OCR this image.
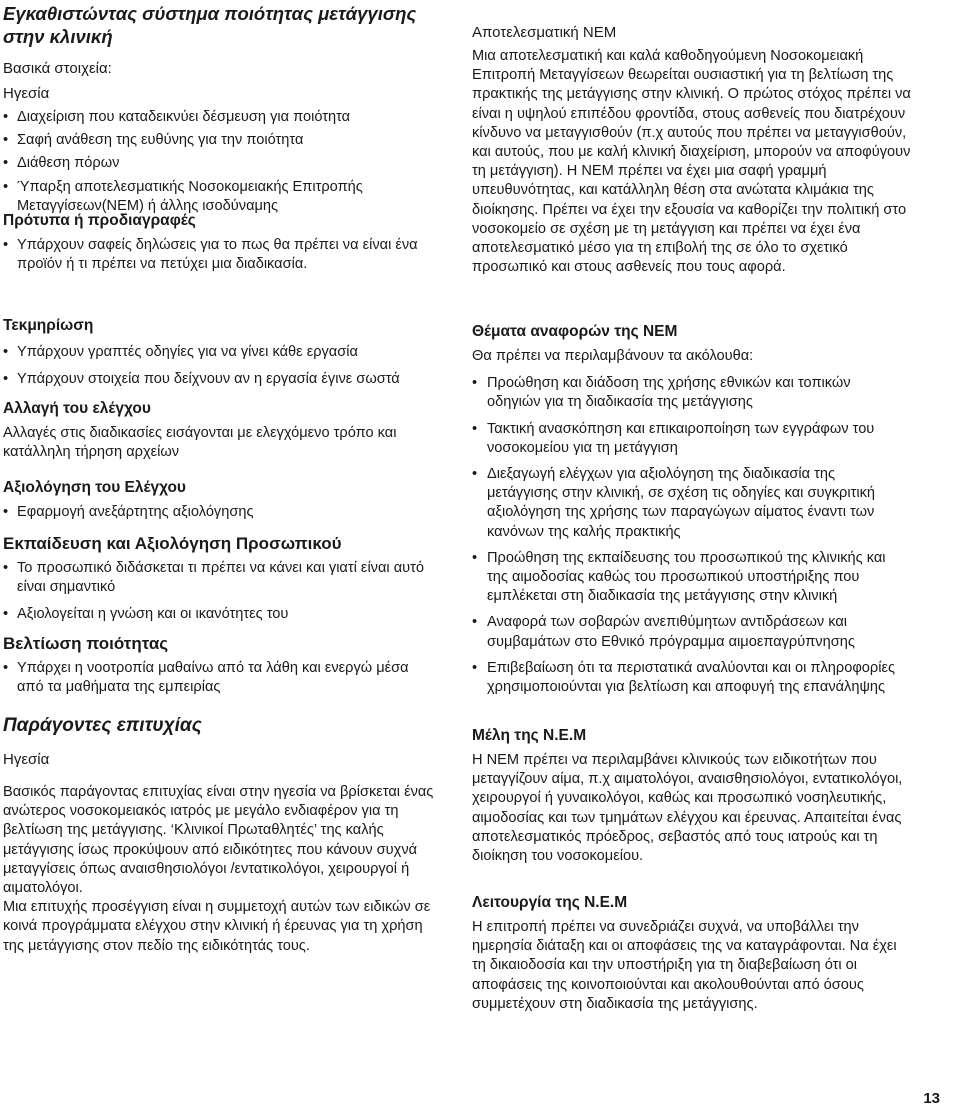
Εγκαθιστώντας σύστημα ποιότητας μετάγγισης στην κλινική

Βασικά στοιχεία:

Ηγεσία

• Διαχείριση που καταδεικνύει δέσμευση για ποιότητα
• Σαφή ανάθεση της ευθύνης για την ποιότητα
• Διάθεση πόρων
• Ύπαρξη αποτελεσματικής Νοσοκομειακής Επιτροπής Μεταγγίσεων(ΝΕΜ) ή άλλης ισοδύναμης

Πρότυπα ή προδιαγραφές

• Υπάρχουν σαφείς δηλώσεις για το πως θα πρέπει να είναι ένα προϊόν ή τι πρέπει να πετύχει μια διαδικασία.

Τεκμηρίωση

• Υπάρχουν γραπτές οδηγίες για να γίνει κάθε εργασία
• Υπάρχουν στοιχεία που δείχνουν αν η εργασία έγινε σωστά

Αλλαγή του ελέγχου

Αλλαγές στις διαδικασίες εισάγονται με ελεγχόμενο τρόπο και κατάλληλη τήρηση αρχείων

Αξιολόγηση του Ελέγχου

• Εφαρμογή ανεξάρτητης αξιολόγησης

Εκπαίδευση και Αξιολόγηση Προσωπικού

• Το προσωπικό διδάσκεται τι πρέπει να κάνει και γιατί είναι αυτό είναι σημαντικό
• Αξιολογείται η γνώση και οι ικανότητες του

Βελτίωση ποιότητας

• Υπάρχει η νοοτροπία μαθαίνω από τα λάθη και ενεργώ μέσα από τα μαθήματα της εμπειρίας

Παράγοντες επιτυχίας

Ηγεσία

Βασικός παράγοντας επιτυχίας είναι στην ηγεσία να βρίσκεται ένας ανώτερος νοσοκομειακός ιατρός με μεγάλο ενδιαφέρον για τη βελτίωση της μετάγγισης. ‘Κλινικοί Πρωταθλητές’ της καλής μετάγγισης ίσως προκύψουν από ειδικότητες που κάνουν συχνά μεταγγίσεις όπως αναισθησιολόγοι /εντατικολόγοι, χειρουργοί ή αιματολόγοι.

Μια επιτυχής προσέγγιση είναι η συμμετοχή αυτών των ειδικών σε κοινά προγράμματα ελέγχου στην κλινική ή έρευνας για τη χρήση της μετάγγισης στον πεδίο της ειδικότητάς τους.

Αποτελεσματική ΝΕΜ

Μια αποτελεσματική και καλά καθοδηγούμενη Νοσοκομειακή Επιτροπή Μεταγγίσεων θεωρείται ουσιαστική για τη βελτίωση της πρακτικής της μετάγγισης στην κλινική. Ο πρώτος στόχος πρέπει να είναι η υψηλού επιπέδου φροντίδα, στους ασθενείς που διατρέχουν κίνδυνο να μεταγγισθούν (π.χ αυτούς που πρέπει να μεταγγισθούν, και αυτούς, που με καλή κλινική διαχείριση, μπορούν να αποφύγουν τη μετάγγιση). Η ΝΕΜ πρέπει να έχει μια σαφή γραμμή υπευθυνότητας, και κατάλληλη θέση στα ανώτατα κλιμάκια της διοίκησης. Πρέπει να έχει την εξουσία να καθορίζει την πολιτική στο νοσοκομείο σε σχέση με τη μετάγγιση και πρέπει να έχει ένα αποτελεσματικό μέσο για τη επιβολή της σε όλο το σχετικό προσωπικό και στους ασθενείς που τους αφορά.

Θέματα αναφορών της ΝΕΜ

Θα πρέπει να περιλαμβάνουν τα ακόλουθα:

• Προώθηση και διάδοση της χρήσης εθνικών και τοπικών οδηγιών για τη διαδικασία της μετάγγισης
• Τακτική ανασκόπηση και επικαιροποίηση των εγγράφων του νοσοκομείου για τη μετάγγιση
• Διεξαγωγή ελέγχων για αξιολόγηση της διαδικασία της μετάγγισης στην κλινική, σε σχέση τις οδηγίες και συγκριτική αξιολόγηση της χρήσης των παραγώγων αίματος έναντι των κανόνων της καλής πρακτικής
• Προώθηση της εκπαίδευσης του προσωπικού της κλινικής και της αιμοδοσίας καθώς του προσωπικού υποστήριξης που εμπλέκεται στη διαδικασία της μετάγγισης στην κλινική
• Αναφορά των σοβαρών ανεπιθύμητων αντιδράσεων και συμβαμάτων στο Εθνικό πρόγραμμα αιμοεπαγρύπνησης
• Επιβεβαίωση ότι τα περιστατικά αναλύονται και οι πληροφορίες χρησιμοποιούνται για βελτίωση και αποφυγή της επανάληψης

Μέλη της Ν.Ε.Μ

Η ΝΕΜ πρέπει να περιλαμβάνει κλινικούς των ειδικοτήτων που μεταγγίζουν αίμα, π.χ αιματολόγοι, αναισθησιολόγοι, εντατικολόγοι, χειρουργοί ή γυναικολόγοι, καθώς και προσωπικό νοσηλευτικής, αιμοδοσίας και των τμημάτων ελέγχου και έρευνας. Απαιτείται ένας αποτελεσματικός πρόεδρος, σεβαστός από τους ιατρούς και τη διοίκηση του νοσοκομείου.

Λειτουργία της Ν.Ε.Μ

Η επιτροπή πρέπει να συνεδριάζει συχνά, να υποβάλλει την ημερησία διάταξη και οι αποφάσεις της να καταγράφονται. Να έχει τη δικαιοδοσία και την υποστήριξη για τη διαβεβαίωση ότι οι αποφάσεις της κοινοποιούνται και ακολουθούνται από όσους συμμετέχουν στη διαδικασία της μετάγγισης.

13
